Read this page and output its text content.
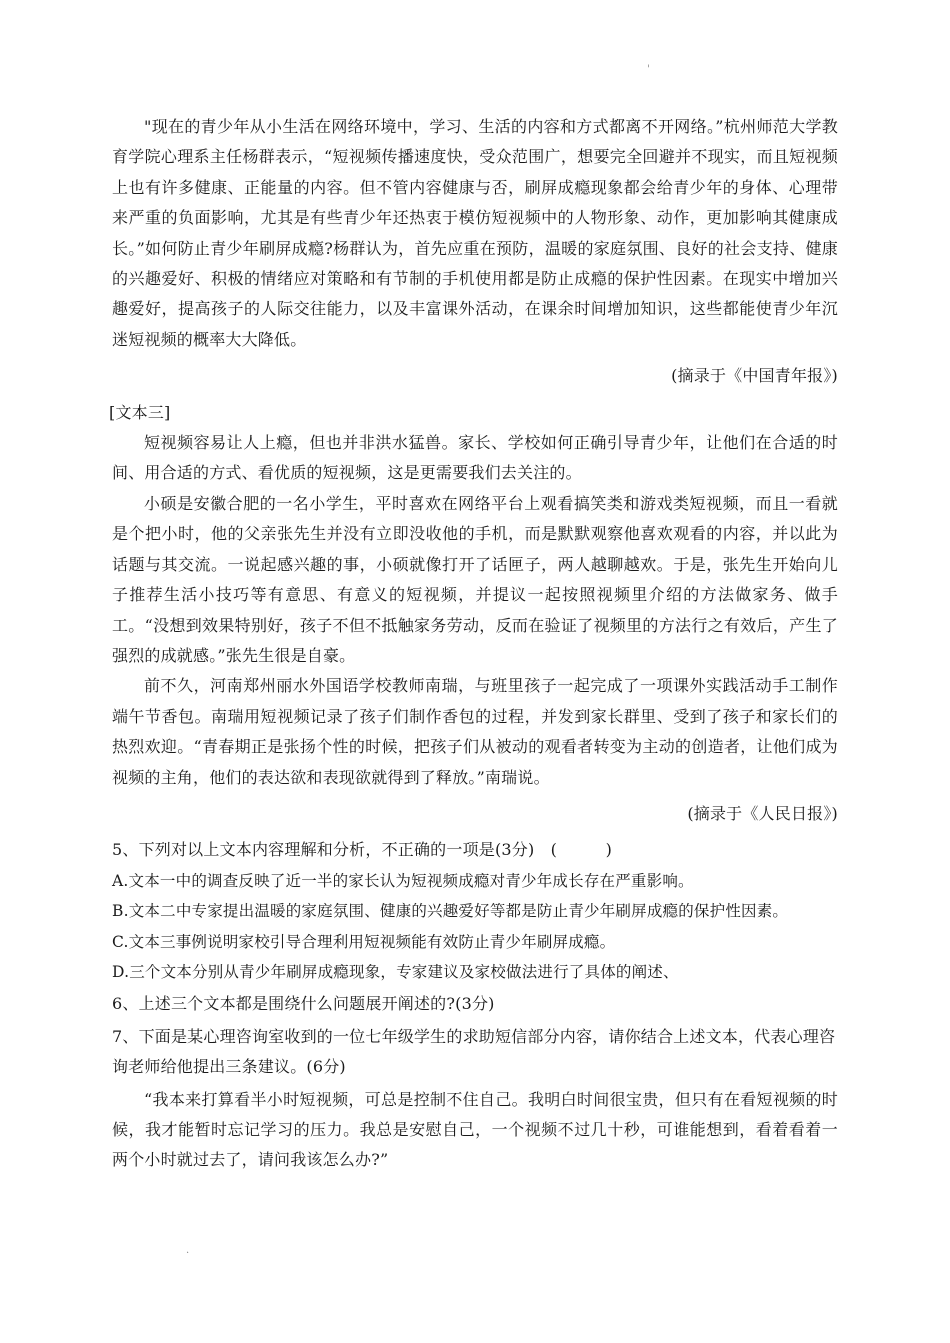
'
.

"现在的青少年从小生活在网络环境中，学习、生活的内容和方式都离不开网络。”杭州师范大学教育学院心理系主任杨群表示，“短视频传播速度快，受众范围广，想要完全回避并不现实，而且短视频上也有许多健康、正能量的内容。但不管内容健康与否，刷屏成瘾现象都会给青少年的身体、心理带来严重的负面影响，尤其是有些青少年还热衷于模仿短视频中的人物形象、动作，更加影响其健康成长。”如何防止青少年刷屏成瘾?杨群认为，首先应重在预防，温暖的家庭氛围、良好的社会支持、健康的兴趣爱好、积极的情绪应对策略和有节制的手机使用都是防止成瘾的保护性因素。在现实中增加兴趣爱好，提高孩子的人际交往能力，以及丰富课外活动，在课余时间增加知识，这些都能使青少年沉迷短视频的概率大大降低。

(摘录于《中国青年报》)

[文本三]

短视频容易让人上瘾，但也并非洪水猛兽。家长、学校如何正确引导青少年，让他们在合适的时间、用合适的方式、看优质的短视频，这是更需要我们去关注的。

小硕是安徽合肥的一名小学生，平时喜欢在网络平台上观看搞笑类和游戏类短视频，而且一看就是个把小时，他的父亲张先生并没有立即没收他的手机，而是默默观察他喜欢观看的内容，并以此为话题与其交流。一说起感兴趣的事，小硕就像打开了话匣子，两人越聊越欢。于是，张先生开始向儿子推荐生活小技巧等有意思、有意义的短视频，并提议一起按照视频里介绍的方法做家务、做手工。“没想到效果特别好，孩子不但不抵触家务劳动，反而在验证了视频里的方法行之有效后，产生了强烈的成就感。”张先生很是自豪。

前不久，河南郑州丽水外国语学校教师南瑞，与班里孩子一起完成了一项课外实践活动手工制作端午节香包。南瑞用短视频记录了孩子们制作香包的过程，并发到家长群里、受到了孩子和家长们的热烈欢迎。“青春期正是张扬个性的时候，把孩子们从被动的观看者转变为主动的创造者，让他们成为视频的主角，他们的表达欲和表现欲就得到了释放。”南瑞说。

(摘录于《人民日报》)

5、下列对以上文本内容理解和分析，不正确的一项是(3分)　(　　　)

A.文本一中的调查反映了近一半的家长认为短视频成瘾对青少年成长存在严重影响。

B.文本二中专家提出温暖的家庭氛围、健康的兴趣爱好等都是防止青少年刷屏成瘾的保护性因素。

C.文本三事例说明家校引导合理利用短视频能有效防止青少年刷屏成瘾。

D.三个文本分别从青少年刷屏成瘾现象，专家建议及家校做法进行了具体的阐述、

6、上述三个文本都是围绕什么问题展开阐述的?(3分)

7、下面是某心理咨询室收到的一位七年级学生的求助短信部分内容，请你结合上述文本，代表心理咨询老师给他提出三条建议。(6分)

“我本来打算看半小时短视频，可总是控制不住自己。我明白时间很宝贵，但只有在看短视频的时候，我才能暂时忘记学习的压力。我总是安慰自己，一个视频不过几十秒，可谁能想到，看着看着一两个小时就过去了，请问我该怎么办?”
